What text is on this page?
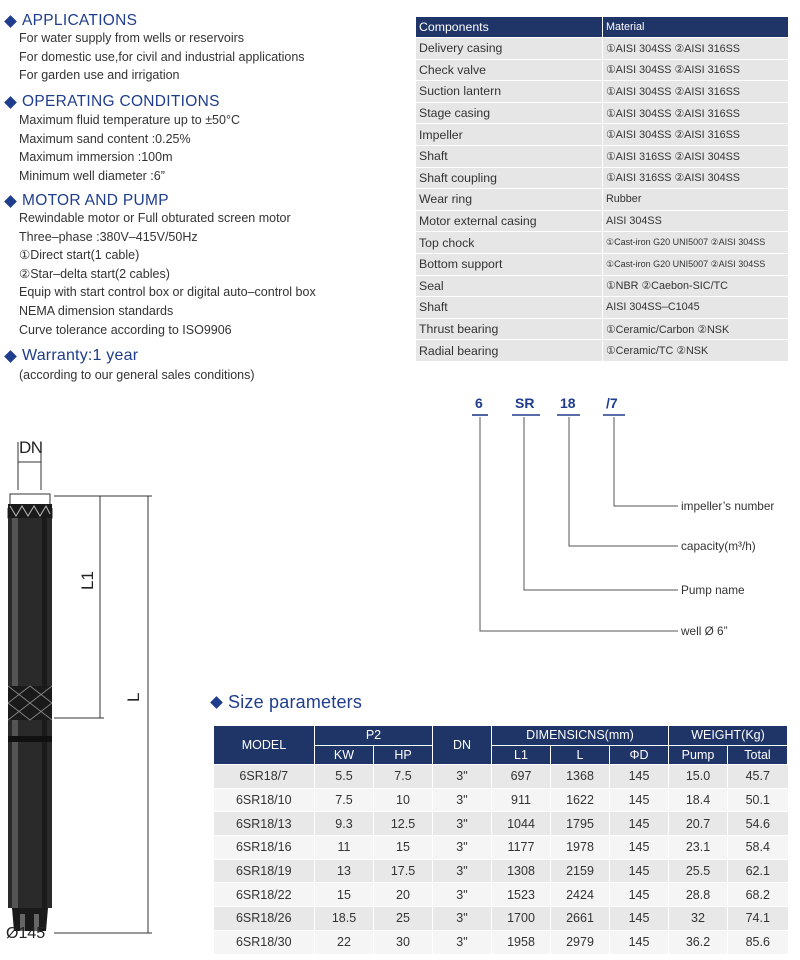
APPLICATIONS
For water supply from wells or reservoirs
For domestic use,for civil and industrial applications
For garden use and irrigation
OPERATING CONDITIONS
Maximum fluid temperature up to ±50°C
Maximum sand content :0.25%
Maximum immersion :100m
Minimum well diameter :6”
MOTOR AND PUMP
Rewindable motor or Full obturated screen motor
Three–phase :380V–415V/50Hz
①Direct start(1 cable)
②Star–delta start(2 cables)
Equip with start control box or digital auto–control box
NEMA dimension standards
Curve tolerance according to ISO9906
Warranty:1 year
(according to our general sales conditions)
Components	Material
Delivery casing	①AISI 304SS ②AISI 316SS
Check valve	①AISI 304SS ②AISI 316SS
Suction lantern	①AISI 304SS ②AISI 316SS
Stage casing	①AISI 304SS ②AISI 316SS
Impeller	①AISI 304SS ②AISI 316SS
Shaft	①AISI 316SS ②AISI 304SS
Shaft coupling	①AISI 316SS ②AISI 304SS
Wear ring	Rubber
Motor external casing	AISI 304SS
Top chock	①Cast-iron G20 UNI5007 ②AISI 304SS
Bottom support	①Cast-iron G20 UNI5007 ②AISI 304SS
Seal	①NBR ②Caebon-SIC/TC
Shaft	AISI 304SS–C1045
Thrust bearing	①Ceramic/Carbon ②NSK
Radial bearing	①Ceramic/TC ②NSK
6 SR 18 /7
impeller’s number
capacity(m³/h)
Pump name
well Ø 6”
DN
L1
L
Ø145
Size parameters
MODEL	P2		DN	DIMENSICNS(mm)			WEIGHT(Kg)	
	KW	HP		L1	L	ΦD	Pump	Total
6SR18/7	5.5	7.5	3"	697	1368	145	15.0	45.7
6SR18/10	7.5	10	3"	911	1622	145	18.4	50.1
6SR18/13	9.3	12.5	3"	1044	1795	145	20.7	54.6
6SR18/16	11	15	3"	1177	1978	145	23.1	58.4
6SR18/19	13	17.5	3"	1308	2159	145	25.5	62.1
6SR18/22	15	20	3"	1523	2424	145	28.8	68.2
6SR18/26	18.5	25	3"	1700	2661	145	32	74.1
6SR18/30	22	30	3"	1958	2979	145	36.2	85.6
